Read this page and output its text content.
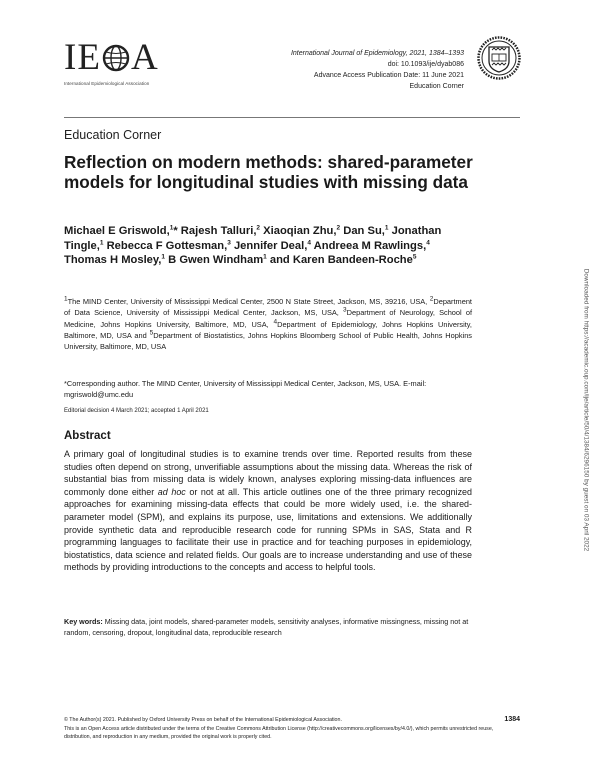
IE A
International Epidemiological Association
International Journal of Epidemiology, 2021, 1384–1393
doi: 10.1093/ije/dyab086
Advance Access Publication Date: 11 June 2021
Education Corner
Education Corner
Reflection on modern methods: shared-parameter models for longitudinal studies with missing data
Michael E Griswold,$^1$* Rajesh Talluri,$^2$ Xiaoqian Zhu,$^2$ Dan Su,$^1$ Jonathan Tingle,$^1$ Rebecca F Gottesman,$^3$ Jennifer Deal,$^4$ Andreea M Rawlings,$^4$ Thomas H Mosley,$^1$ B Gwen Windham$^1$ and Karen Bandeen-Roche$^5$
$^1$The MIND Center, University of Mississippi Medical Center, 2500 N State Street, Jackson, MS, 39216, USA, $^2$Department of Data Science, University of Mississippi Medical Center, Jackson, MS, USA, $^3$Department of Neurology, School of Medicine, Johns Hopkins University, Baltimore, MD, USA, $^4$Department of Epidemiology, Johns Hopkins University, Baltimore, MD, USA and $^5$Department of Biostatistics, Johns Hopkins Bloomberg School of Public Health, Johns Hopkins University, Baltimore, MD, USA
*Corresponding author. The MIND Center, University of Mississippi Medical Center, Jackson, MS, USA. E-mail: mgriswold@umc.edu
Editorial decision 4 March 2021; accepted 1 April 2021
Abstract
A primary goal of longitudinal studies is to examine trends over time. Reported results from these studies often depend on strong, unverifiable assumptions about the missing data. Whereas the risk of substantial bias from missing data is widely known, analyses exploring missing-data influences are commonly done either ad hoc or not at all. This article outlines one of the three primary recognized approaches for examining missing-data effects that could be more widely used, i.e. the shared-parameter model (SPM), and explains its purpose, use, limitations and extensions. We additionally provide synthetic data and reproducible research code for running SPMs in SAS, Stata and R programming languages to facilitate their use in practice and for teaching purposes in epidemiology, biostatistics, data science and related fields. Our goals are to increase understanding and use of these methods by providing introductions to the concepts and access to helpful tools.
Key words: Missing data, joint models, shared-parameter models, sensitivity analyses, informative missingness, missing not at random, censoring, dropout, longitudinal data, reproducible research
© The Author(s) 2021. Published by Oxford University Press on behalf of the International Epidemiological Association.
This is an Open Access article distributed under the terms of the Creative Commons Attribution License (http://creativecommons.org/licenses/by/4.0/), which permits unrestricted reuse, distribution, and reproduction in any medium, provided the original work is properly cited.
1384
Downloaded from https://academic.oup.com/ije/article/50/4/1384/6296150 by guest on 03 April 2022
